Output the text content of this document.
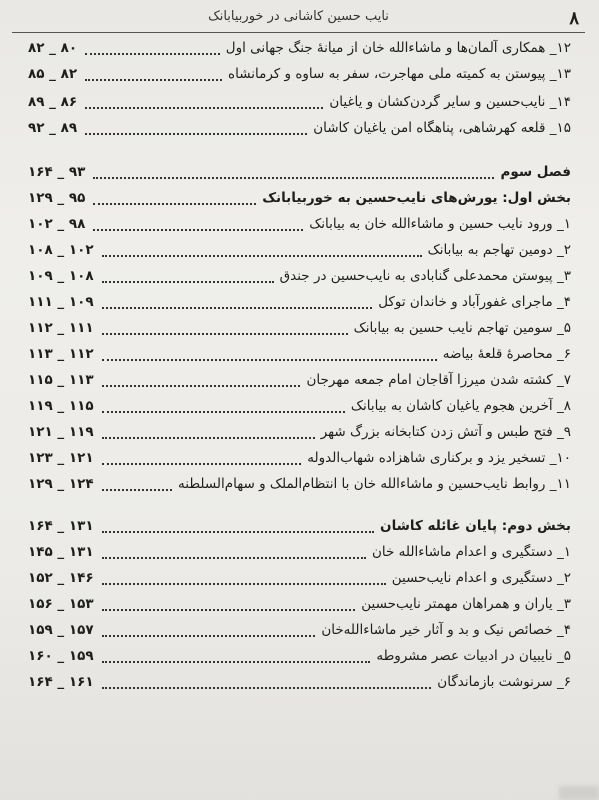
۸
نایب حسین کاشانی در خوربیابانک
۸۰ _ ۸۲	۱۲_ همکاری آلمان‌ها و ماشاءالله خان از میانهٔ جنگ جهانی اول
۸۲ _ ۸۵	۱۳_ پیوستن به کمیته ملی مهاجرت، سفر به ساوه و کرمانشاه
۸۶ _ ۸۹	۱۴_ نایب‌حسین و سایر گردن‌کشان و یاغیان
۸۹ _ ۹۲	۱۵_ قلعه کهرشاهی، پناهگاه امن یاغیان کاشان
۹۳ _ ۱۶۴	فصل سوم
۹۵ _ ۱۲۹	بخش اول: یورش‌های نایب‌حسین به خوربیابانک
۹۸ _ ۱۰۲	۱_ ورود نایب حسین و ماشاءالله خان به بیابانک
۱۰۲ _ ۱۰۸	۲_ دومین تهاجم به بیابانک
۱۰۸ _ ۱۰۹	۳_ پیوستن محمدعلی گنابادی به نایب‌حسین در جندق
۱۰۹ _ ۱۱۱	۴_ ماجرای غفورآباد و خاندان توکل
۱۱۱ _ ۱۱۲	۵_ سومین تهاجم نایب حسین به بیابانک
۱۱۲ _ ۱۱۳	۶_ محاصرهٔ قلعهٔ بیاضه
۱۱۳ _ ۱۱۵	۷_ کشته شدن میرزا آقاجان امام جمعه مهرجان
۱۱۵ _ ۱۱۹	۸_ آخرین هجوم یاغیان کاشان به بیابانک
۱۱۹ _ ۱۲۱	۹_ فتح طبس و آتش زدن کتابخانه بزرگ شهر
۱۲۱ _ ۱۲۳	۱۰_ تسخیر یزد و برکناری شاهزاده شهاب‌الدوله
۱۲۴ _ ۱۲۹	۱۱_ روابط نایب‌حسین و ماشاءالله خان با انتظام‌الملک و سهام‌السلطنه
۱۳۱ _ ۱۶۴	بخش دوم: پایان غائله کاشان
۱۳۱ _ ۱۴۵	۱_ دستگیری و اعدام ماشاءالله خان
۱۴۶ _ ۱۵۲	۲_ دستگیری و اعدام نایب‌حسین
۱۵۳ _ ۱۵۶	۳_ یاران و همراهان مهمتر نایب‌حسین
۱۵۷ _ ۱۵۹	۴_ خصائص نیک و بد و آثار خیر ماشاءالله‌خان
۱۵۹ _ ۱۶۰	۵_ نایبیان در ادبیات عصر مشروطه
۱۶۱ _ ۱۶۴	۶_ سرنوشت بازماندگان
